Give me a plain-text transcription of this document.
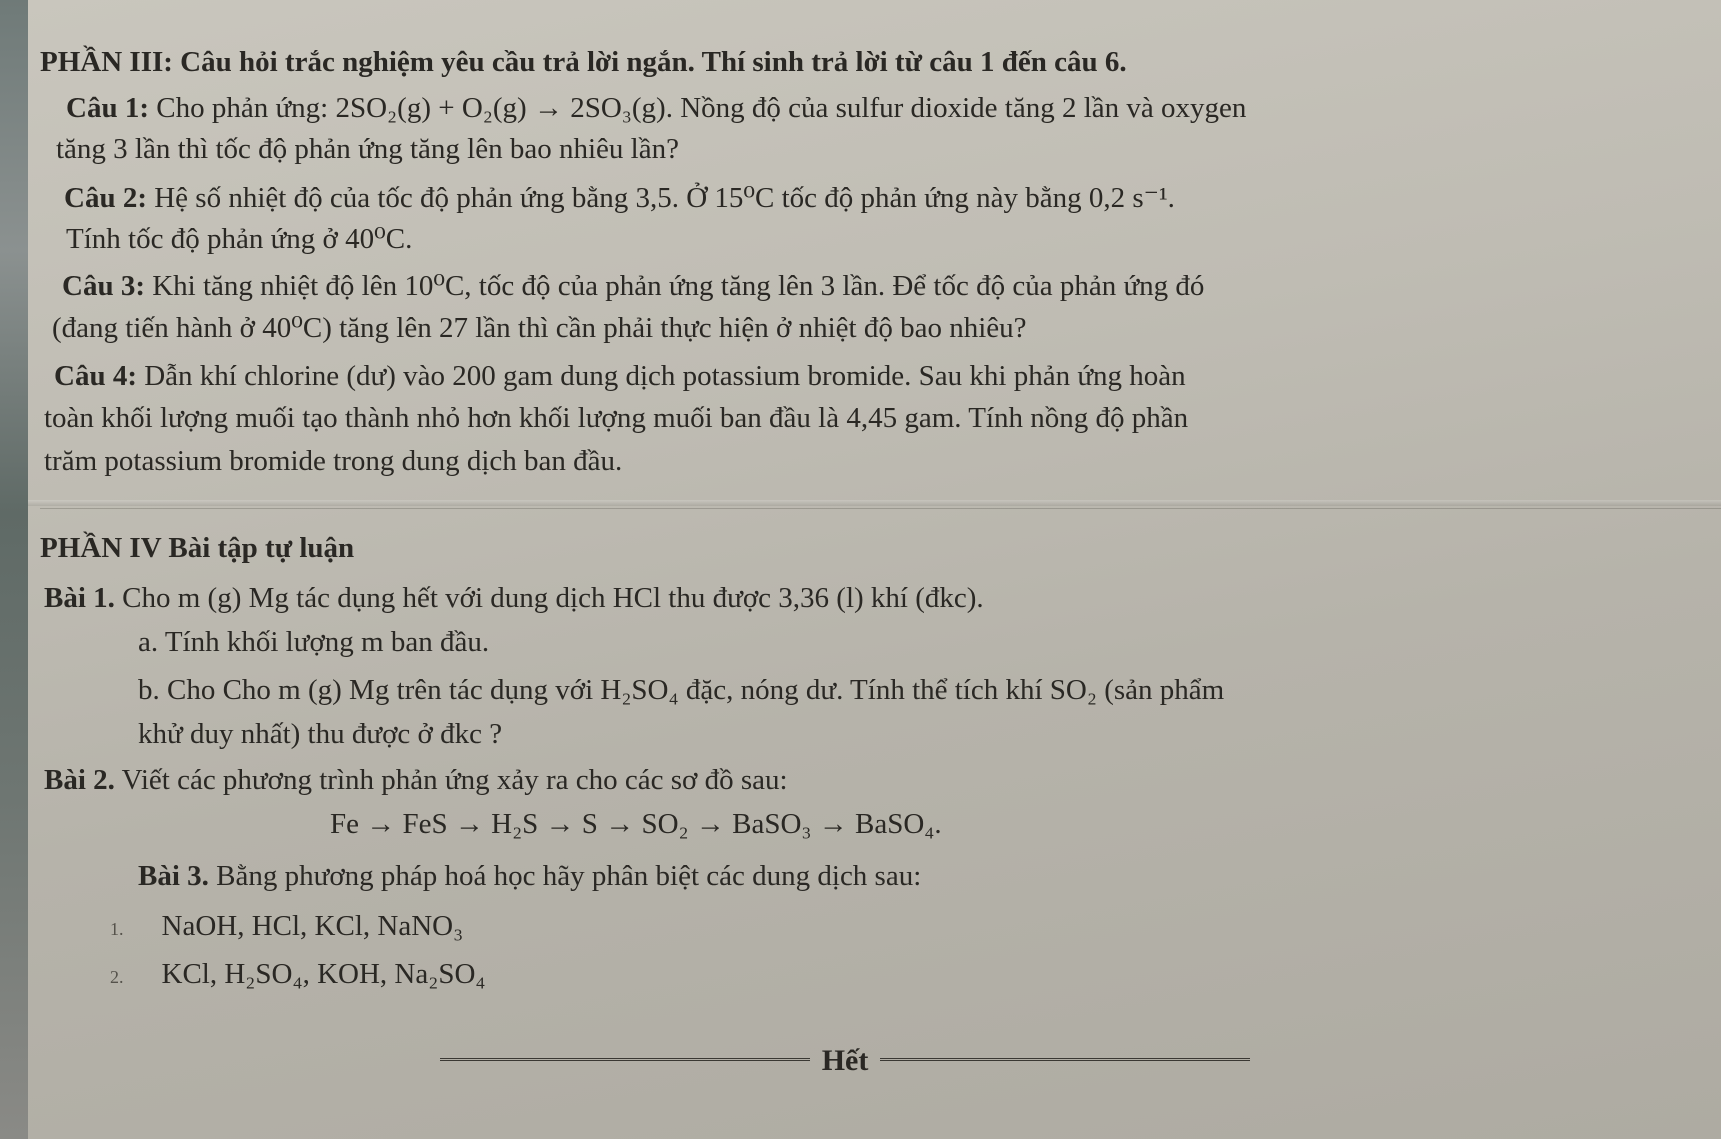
PHẦN III: Câu hỏi trắc nghiệm yêu cầu trả lời ngắn. Thí sinh trả lời từ câu 1 đến câu 6.
Câu 1: Cho phản ứng: 2SO₂(g) + O₂(g) → 2SO₃(g). Nồng độ của sulfur dioxide tăng 2 lần và oxygen
tăng 3 lần thì tốc độ phản ứng tăng lên bao nhiêu lần?
Câu 2: Hệ số nhiệt độ của tốc độ phản ứng bằng 3,5. Ở 15⁰C tốc độ phản ứng này bằng 0,2 s⁻¹.
Tính tốc độ phản ứng ở 40⁰C.
Câu 3: Khi tăng nhiệt độ lên 10⁰C, tốc độ của phản ứng tăng lên 3 lần. Để tốc độ của phản ứng đó
(đang tiến hành ở 40⁰C) tăng lên 27 lần thì cần phải thực hiện ở nhiệt độ bao nhiêu?
Câu 4: Dẫn khí chlorine (dư) vào 200 gam dung dịch potassium bromide. Sau khi phản ứng hoàn
toàn khối lượng muối tạo thành nhỏ hơn khối lượng muối ban đầu là 4,45 gam. Tính nồng độ phần
trăm potassium bromide trong dung dịch ban đầu.
PHẦN IV Bài tập tự luận
Bài 1. Cho m (g) Mg tác dụng hết với dung dịch HCl thu được 3,36 (l) khí (đkc).
a. Tính khối lượng m ban đầu.
b. Cho Cho m (g) Mg trên tác dụng với H₂SO₄ đặc, nóng dư. Tính thể tích khí SO₂ (sản phẩm
khử duy nhất) thu được ở đkc ?
Bài 2. Viết các phương trình phản ứng xảy ra cho các sơ đồ sau:
Fe → FeS → H₂S → S → SO₂ → BaSO₃ → BaSO₄.
Bài 3. Bằng phương pháp hoá học hãy phân biệt các dung dịch sau:
1. NaOH, HCl, KCl, NaNO₃
2. KCl, H₂SO₄, KOH, Na₂SO₄
Hết
